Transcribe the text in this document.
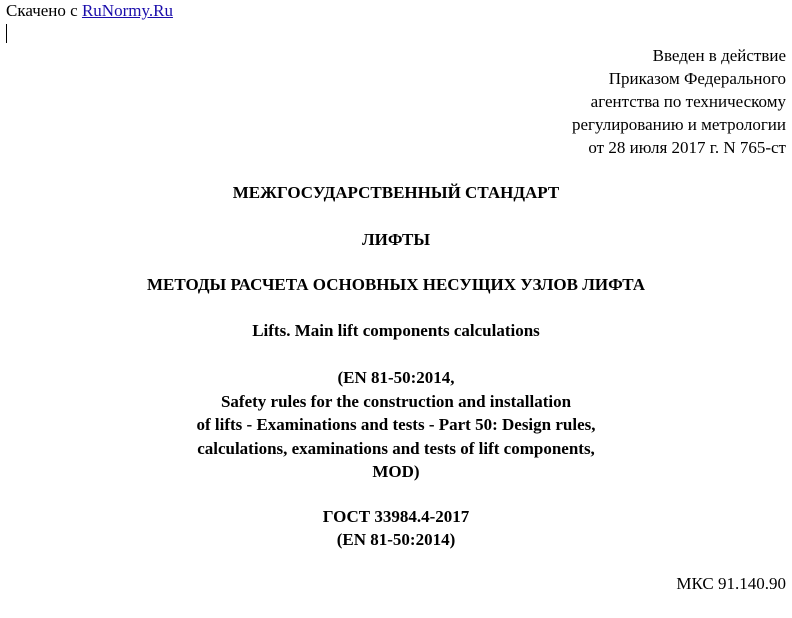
Скачено с RuNormy.Ru
Введен в действие
Приказом Федерального
агентства по техническому
регулированию и метрологии
от 28 июля 2017 г. N 765-ст
МЕЖГОСУДАРСТВЕННЫЙ СТАНДАРТ
ЛИФТЫ
МЕТОДЫ РАСЧЕТА ОСНОВНЫХ НЕСУЩИХ УЗЛОВ ЛИФТА
Lifts. Main lift components calculations
(EN 81-50:2014,
Safety rules for the construction and installation
of lifts - Examinations and tests - Part 50: Design rules,
calculations, examinations and tests of lift components,
MOD)
ГОСТ 33984.4-2017
(EN 81-50:2014)
МКС 91.140.90
